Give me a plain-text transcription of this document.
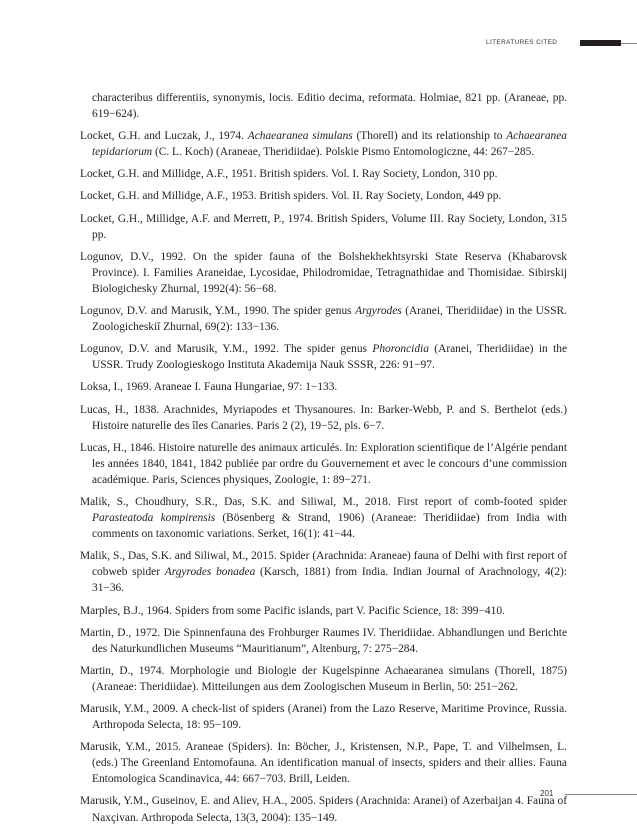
LITERATURES CITED

characteribus differentiis, synonymis, locis. Editio decima, reformata. Holmiae, 821 pp. (Araneae, pp. 619−624).

Locket, G.H. and Luczak, J., 1974. Achaearanea simulans (Thorell) and its relationship to Achaearanea tepidariorum (C. L. Koch) (Araneae, Theridiidae). Polskie Pismo Entomologiczne, 44: 267−285.

Locket, G.H. and Millidge, A.F., 1951. British spiders. Vol. I. Ray Society, London, 310 pp.

Locket, G.H. and Millidge, A.F., 1953. British spiders. Vol. II. Ray Society, London, 449 pp.

Locket, G.H., Millidge, A.F. and Merrett, P., 1974. British Spiders, Volume III. Ray Society, London, 315 pp.

Logunov, D.V., 1992. On the spider fauna of the Bolshekhekhtsyrski State Reserva (Khabarovsk Province). I. Families Araneidae, Lycosidae, Philodromidae, Tetragnathidae and Thomisidae. Sibirskij Biologichesky Zhurnal, 1992(4): 56−68.

Logunov, D.V. and Marusik, Y.M., 1990. The spider genus Argyrodes (Aranei, Theridiidae) in the USSR. Zoologicheskiĭ Zhurnal, 69(2): 133−136.

Logunov, D.V. and Marusik, Y.M., 1992. The spider genus Phoroncidia (Aranei, Theridiidae) in the USSR. Trudy Zoologieskogo Instituta Akademija Nauk SSSR, 226: 91−97.

Loksa, I., 1969. Araneae I. Fauna Hungariae, 97: 1−133.

Lucas, H., 1838. Arachnides, Myriapodes et Thysanoures. In: Barker-Webb, P. and S. Berthelot (eds.) Histoire naturelle des îles Canaries. Paris 2 (2), 19−52, pls. 6−7.

Lucas, H., 1846. Histoire naturelle des animaux articulés. In: Exploration scientifique de l’Algérie pendant les années 1840, 1841, 1842 publiée par ordre du Gouvernement et avec le concours d’une commission académique. Paris, Sciences physiques, Zoologie, 1: 89−271.

Malik, S., Choudhury, S.R., Das, S.K. and Siliwal, M., 2018. First report of comb-footed spider Parasteatoda kompirensis (Bösenberg & Strand, 1906) (Araneae: Theridiidae) from India with comments on taxonomic variations. Serket, 16(1): 41−44.

Malik, S., Das, S.K. and Siliwal, M., 2015. Spider (Arachnida: Araneae) fauna of Delhi with first report of cobweb spider Argyrodes bonadea (Karsch, 1881) from India. Indian Journal of Arachnology, 4(2): 31−36.

Marples, B.J., 1964. Spiders from some Pacific islands, part V. Pacific Science, 18: 399−410.

Martin, D., 1972. Die Spinnenfauna des Frohburger Raumes IV. Theridiidae. Abhandlungen und Berichte des Naturkundlichen Museums “Mauritianum”, Altenburg, 7: 275−284.

Martin, D., 1974. Morphologie und Biologie der Kugelspinne Achaearanea simulans (Thorell, 1875) (Araneae: Theridiidae). Mitteilungen aus dem Zoologischen Museum in Berlin, 50: 251−262.

Marusik, Y.M., 2009. A check-list of spiders (Aranei) from the Lazo Reserve, Maritime Province, Russia. Arthropoda Selecta, 18: 95−109.

Marusik, Y.M., 2015. Araneae (Spiders). In: Böcher, J., Kristensen, N.P., Pape, T. and Vilhelmsen, L. (eds.) The Greenland Entomofauna. An identification manual of insects, spiders and their allies. Fauna Entomologica Scandinavica, 44: 667−703. Brill, Leiden.

Marusik, Y.M., Guseinov, E. and Aliev, H.A., 2005. Spiders (Arachnida: Aranei) of Azerbaijan 4. Fauna of Naxçivan. Arthropoda Selecta, 13(3, 2004): 135−149.

201
